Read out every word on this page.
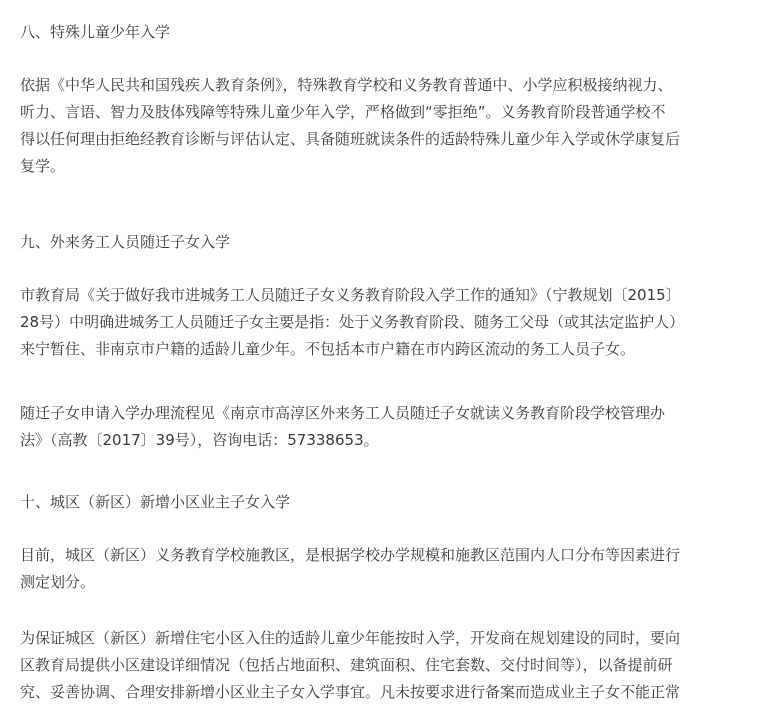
八、特殊儿童少年入学
依据《中华人民共和国残疾人教育条例》，特殊教育学校和义务教育普通中、小学应积极接纳视力、
听力、言语、智力及肢体残障等特殊儿童少年入学，严格做到“零拒绝”。义务教育阶段普通学校不
得以任何理由拒绝经教育诊断与评估认定、具备随班就读条件的适龄特殊儿童少年入学或休学康复后
复学。
九、外来务工人员随迁子女入学
市教育局《关于做好我市进城务工人员随迁子女义务教育阶段入学工作的通知》（宁教规划〔2015〕
28号）中明确进城务工人员随迁子女主要是指：处于义务教育阶段、随务工父母（或其法定监护人）
来宁暂住、非南京市户籍的适龄儿童少年。不包括本市户籍在市内跨区流动的务工人员子女。
随迁子女申请入学办理流程见《南京市高淳区外来务工人员随迁子女就读义务教育阶段学校管理办
法》（高教〔2017〕39号），咨询电话：57338653。
十、城区（新区）新增小区业主子女入学
目前，城区（新区）义务教育学校施教区，是根据学校办学规模和施教区范围内人口分布等因素进行
测定划分。
为保证城区（新区）新增住宅小区入住的适龄儿童少年能按时入学，开发商在规划建设的同时，要向
区教育局提供小区建设详细情况（包括占地面积、建筑面积、住宅套数、交付时间等），以备提前研
究、妥善协调、合理安排新增小区业主子女入学事宜。凡未按要求进行备案而造成业主子女不能正常
